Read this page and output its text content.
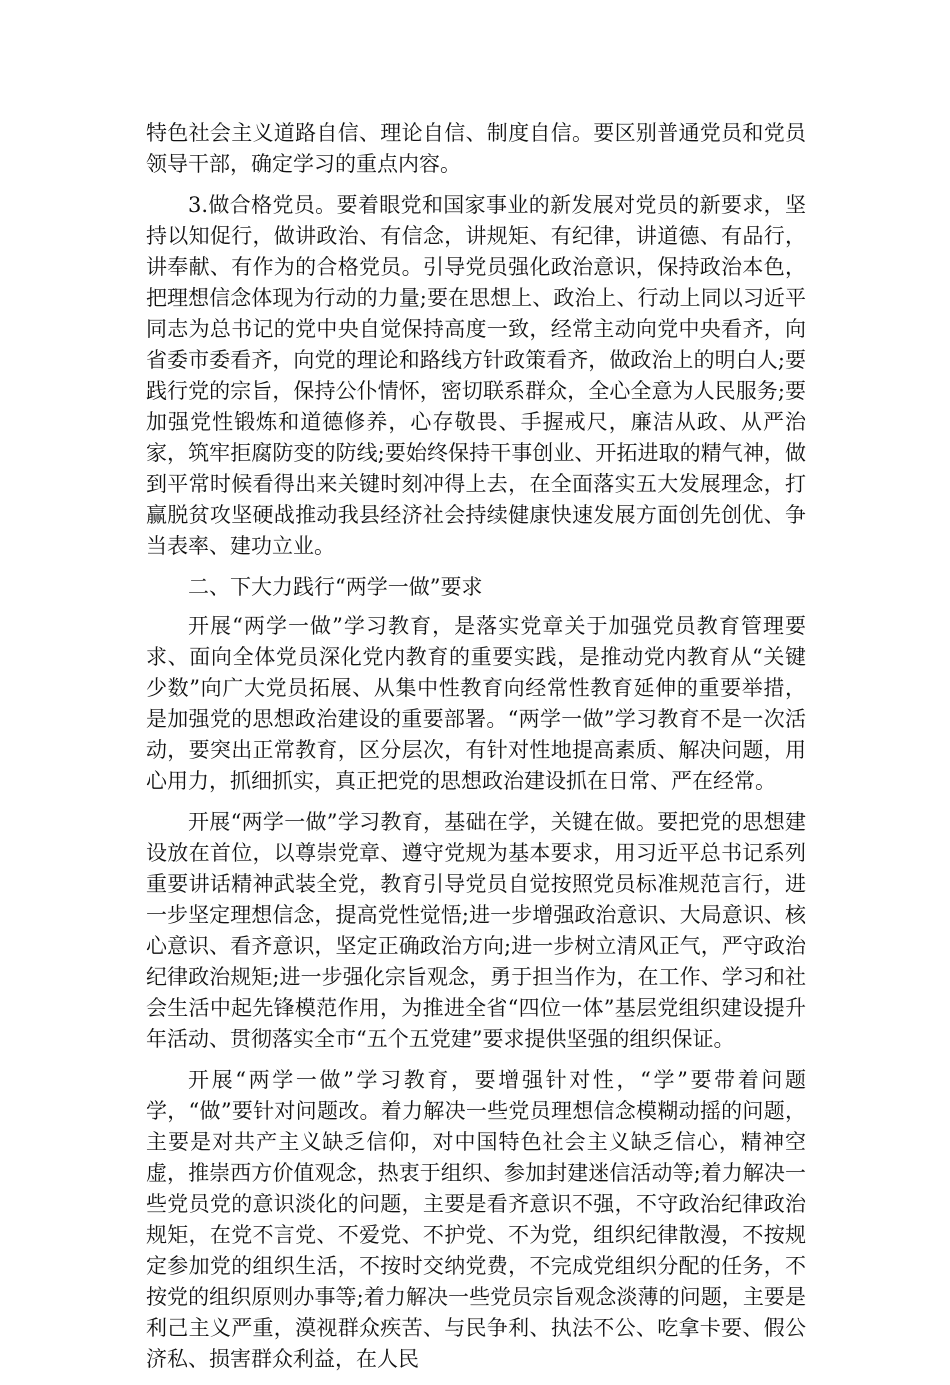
特色社会主义道路自信、理论自信、制度自信。要区别普通党员和党员领导干部，确定学习的重点内容。

3.做合格党员。要着眼党和国家事业的新发展对党员的新要求，坚持以知促行，做讲政治、有信念，讲规矩、有纪律，讲道德、有品行，讲奉献、有作为的合格党员。引导党员强化政治意识，保持政治本色，把理想信念体现为行动的力量;要在思想上、政治上、行动上同以习近平同志为总书记的党中央自觉保持高度一致，经常主动向党中央看齐，向省委市委看齐，向党的理论和路线方针政策看齐，做政治上的明白人;要践行党的宗旨，保持公仆情怀，密切联系群众，全心全意为人民服务;要加强党性锻炼和道德修养，心存敬畏、手握戒尺，廉洁从政、从严治家，筑牢拒腐防变的防线;要始终保持干事创业、开拓进取的精气神，做到平常时候看得出来关键时刻冲得上去，在全面落实五大发展理念，打赢脱贫攻坚硬战推动我县经济社会持续健康快速发展方面创先创优、争当表率、建功立业。

二、下大力践行“两学一做”要求

开展“两学一做”学习教育，是落实党章关于加强党员教育管理要求、面向全体党员深化党内教育的重要实践，是推动党内教育从“关键少数”向广大党员拓展、从集中性教育向经常性教育延伸的重要举措，是加强党的思想政治建设的重要部署。“两学一做”学习教育不是一次活动，要突出正常教育，区分层次，有针对性地提高素质、解决问题，用心用力，抓细抓实，真正把党的思想政治建设抓在日常、严在经常。

开展“两学一做”学习教育，基础在学，关键在做。要把党的思想建设放在首位，以尊崇党章、遵守党规为基本要求，用习近平总书记系列重要讲话精神武装全党，教育引导党员自觉按照党员标准规范言行，进一步坚定理想信念，提高党性觉悟;进一步增强政治意识、大局意识、核心意识、看齐意识，坚定正确政治方向;进一步树立清风正气，严守政治纪律政治规矩;进一步强化宗旨观念，勇于担当作为，在工作、学习和社会生活中起先锋模范作用，为推进全省“四位一体”基层党组织建设提升年活动、贯彻落实全市“五个五党建”要求提供坚强的组织保证。

开展“两学一做”学习教育，要增强针对性，“学”要带着问题学，“做”要针对问题改。着力解决一些党员理想信念模糊动摇的问题，主要是对共产主义缺乏信仰，对中国特色社会主义缺乏信心，精神空虚，推崇西方价值观念，热衷于组织、参加封建迷信活动等;着力解决一些党员党的意识淡化的问题，主要是看齐意识不强，不守政治纪律政治规矩，在党不言党、不爱党、不护党、不为党，组织纪律散漫，不按规定参加党的组织生活，不按时交纳党费，不完成党组织分配的任务，不按党的组织原则办事等;着力解决一些党员宗旨观念淡薄的问题，主要是利己主义严重，漠视群众疾苦、与民争利、执法不公、吃拿卡要、假公济私、损害群众利益，在人民
